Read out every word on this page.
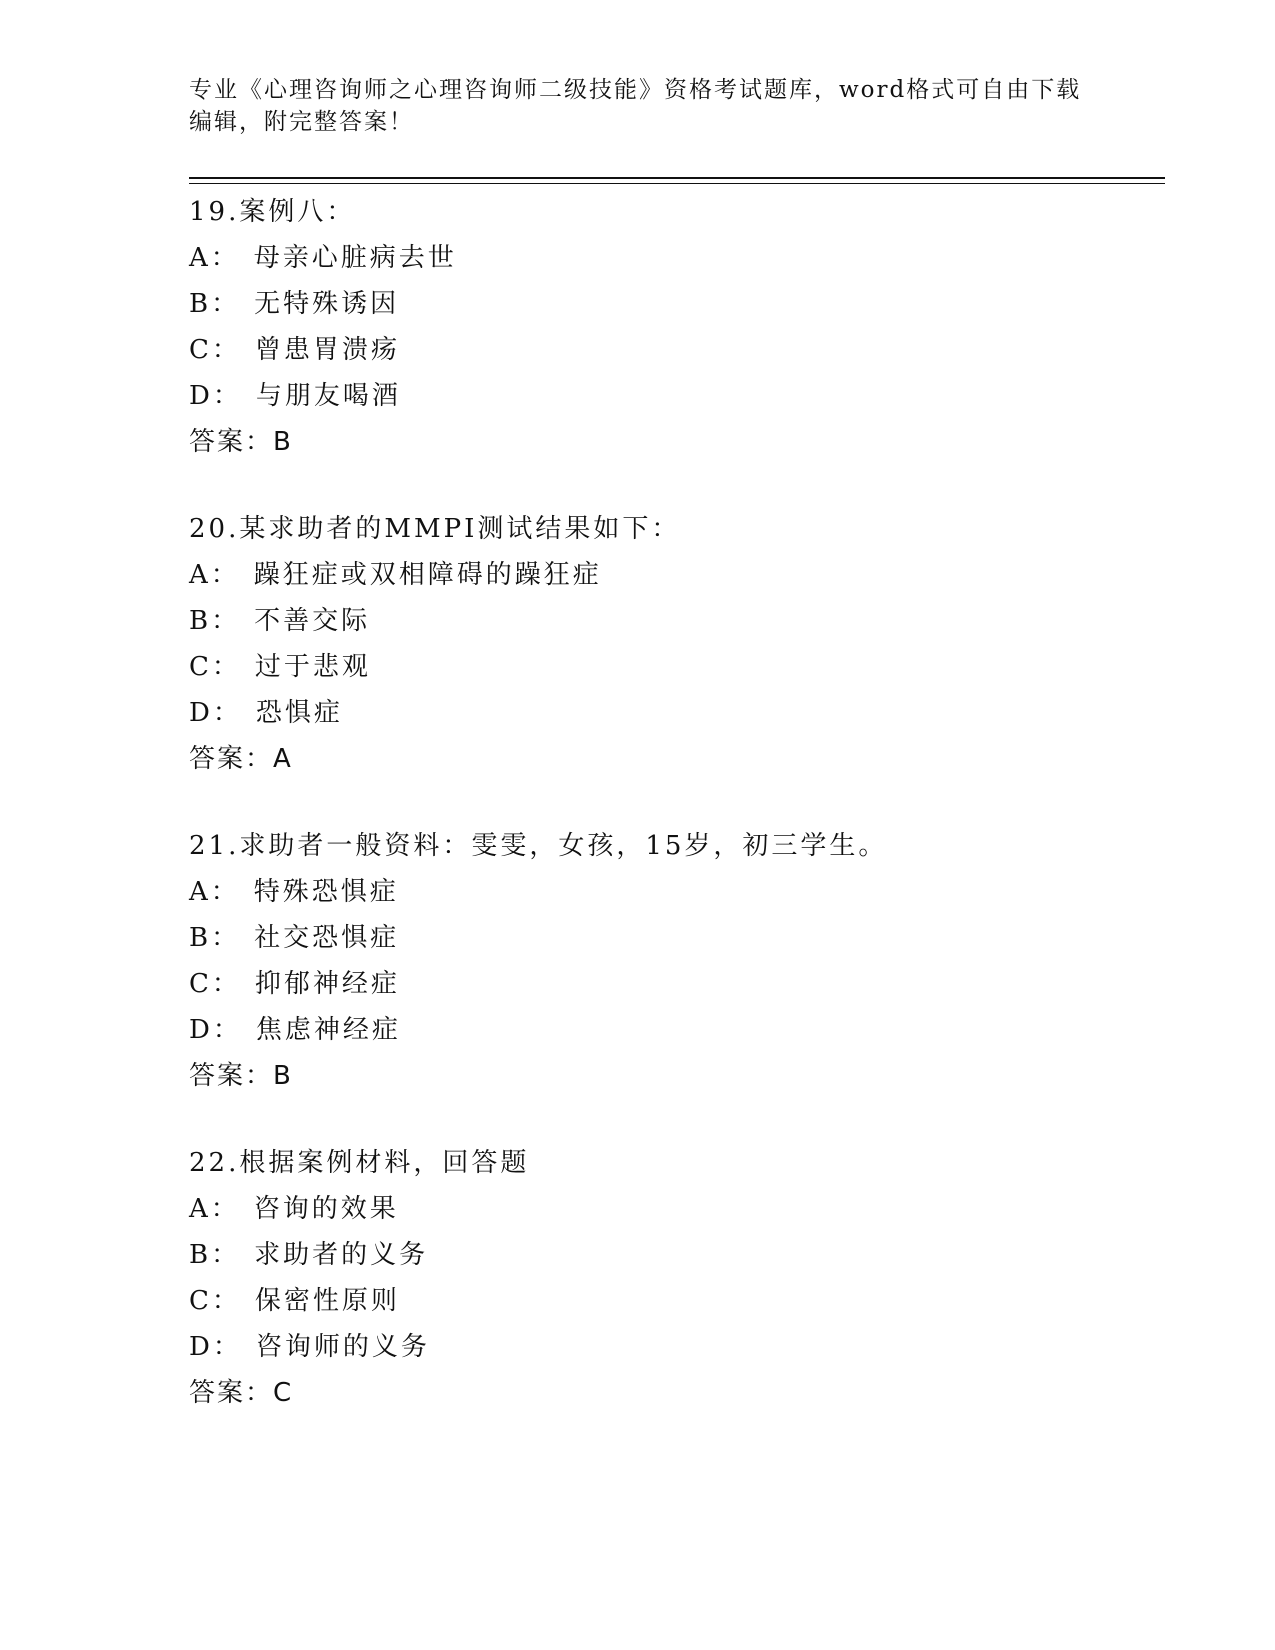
专业《心理咨询师之心理咨询师二级技能》资格考试题库，word格式可自由下载
编辑，附完整答案！
19.案例八：
A： 母亲心脏病去世
B： 无特殊诱因
C： 曾患胃溃疡
D： 与朋友喝酒
答案：B
20.某求助者的MMPI测试结果如下：
A： 躁狂症或双相障碍的躁狂症
B： 不善交际
C： 过于悲观
D： 恐惧症
答案：A
21.求助者一般资料：雯雯，女孩，15岁，初三学生。
A： 特殊恐惧症
B： 社交恐惧症
C： 抑郁神经症
D： 焦虑神经症
答案：B
22.根据案例材料，回答题
A： 咨询的效果
B： 求助者的义务
C： 保密性原则
D： 咨询师的义务
答案：C
